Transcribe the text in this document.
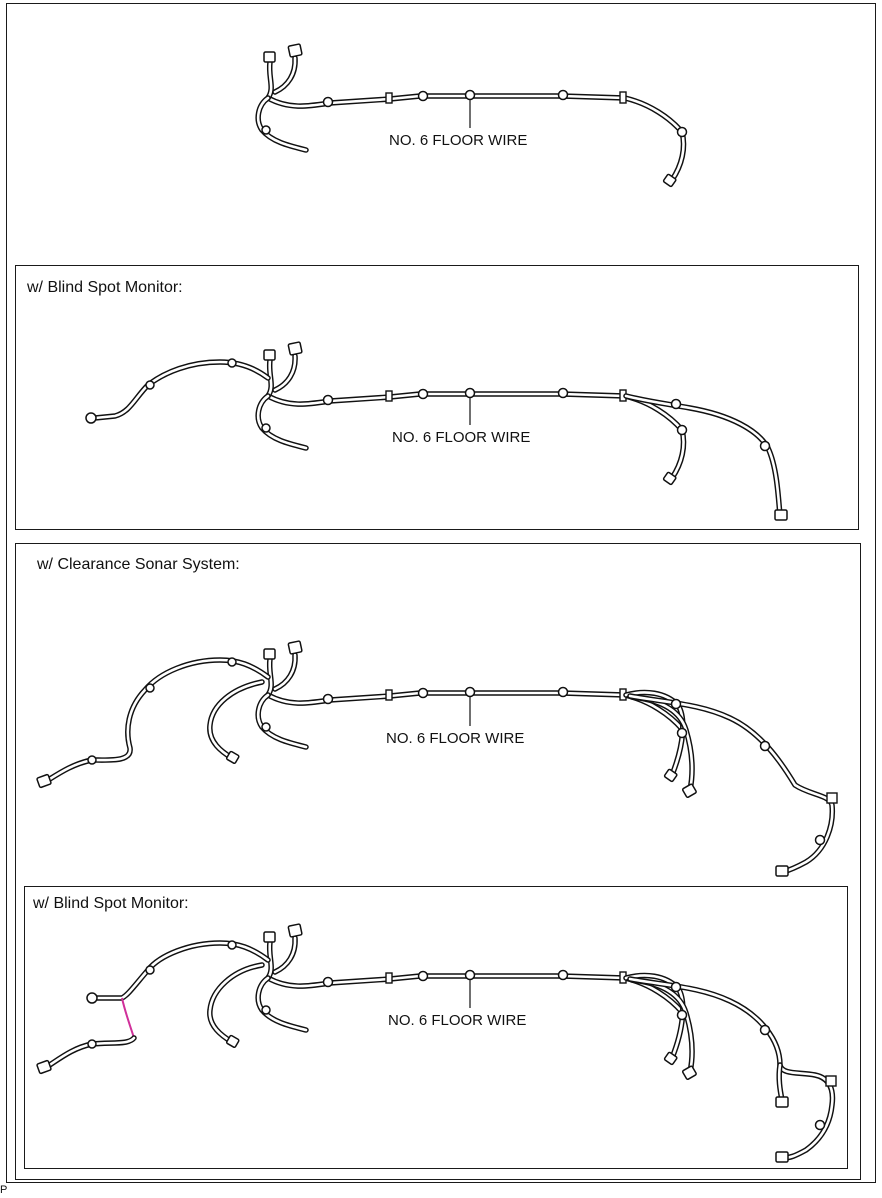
NO. 6 FLOOR WIRE
w/ Blind Spot Monitor:
NO. 6 FLOOR WIRE
w/ Clearance Sonar System:
NO. 6 FLOOR WIRE
w/ Blind Spot Monitor:
NO. 6 FLOOR WIRE
P
